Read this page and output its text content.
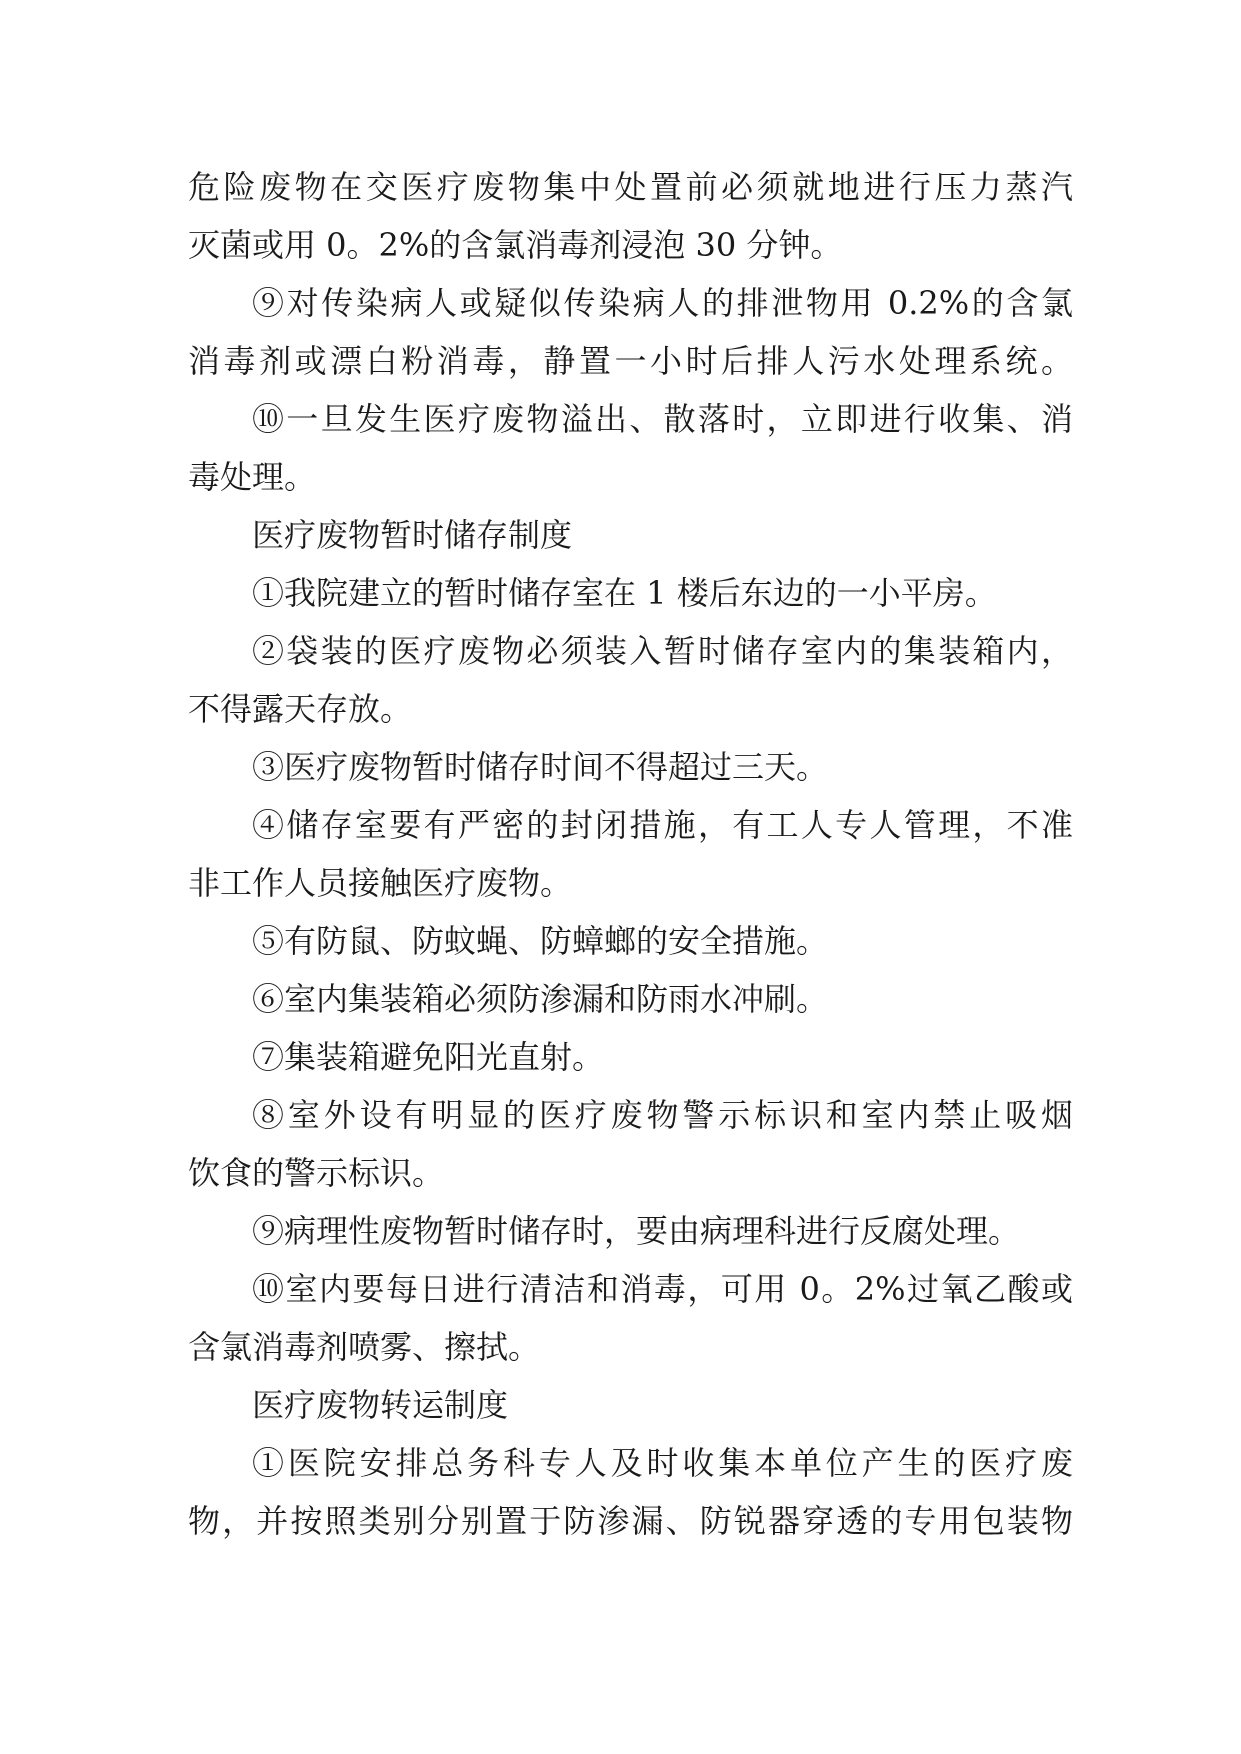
危险废物在交医疗废物集中处置前必须就地进行压力蒸汽

灭菌或用 0。2%的含氯消毒剂浸泡 30 分钟。

⑨对传染病人或疑似传染病人的排泄物用 0.2%的含氯

消毒剂或漂白粉消毒，静置一小时后排人污水处理系统。

⑩一旦发生医疗废物溢出、散落时，立即进行收集、消

毒处理。

医疗废物暂时储存制度

①我院建立的暂时储存室在 1 楼后东边的一小平房。

②袋装的医疗废物必须装入暂时储存室内的集装箱内，

不得露天存放。

③医疗废物暂时储存时间不得超过三天。

④储存室要有严密的封闭措施，有工人专人管理，不准

非工作人员接触医疗废物。

⑤有防鼠、防蚊蝇、防蟑螂的安全措施。

⑥室内集装箱必须防渗漏和防雨水冲刷。

⑦集装箱避免阳光直射。

⑧室外设有明显的医疗废物警示标识和室内禁止吸烟

饮食的警示标识。

⑨病理性废物暂时储存时，要由病理科进行反腐处理。

⑩室内要每日进行清洁和消毒，可用 0。2%过氧乙酸或

含氯消毒剂喷雾、擦拭。

医疗废物转运制度

①医院安排总务科专人及时收集本单位产生的医疗废

物，并按照类别分别置于防渗漏、防锐器穿透的专用包装物
